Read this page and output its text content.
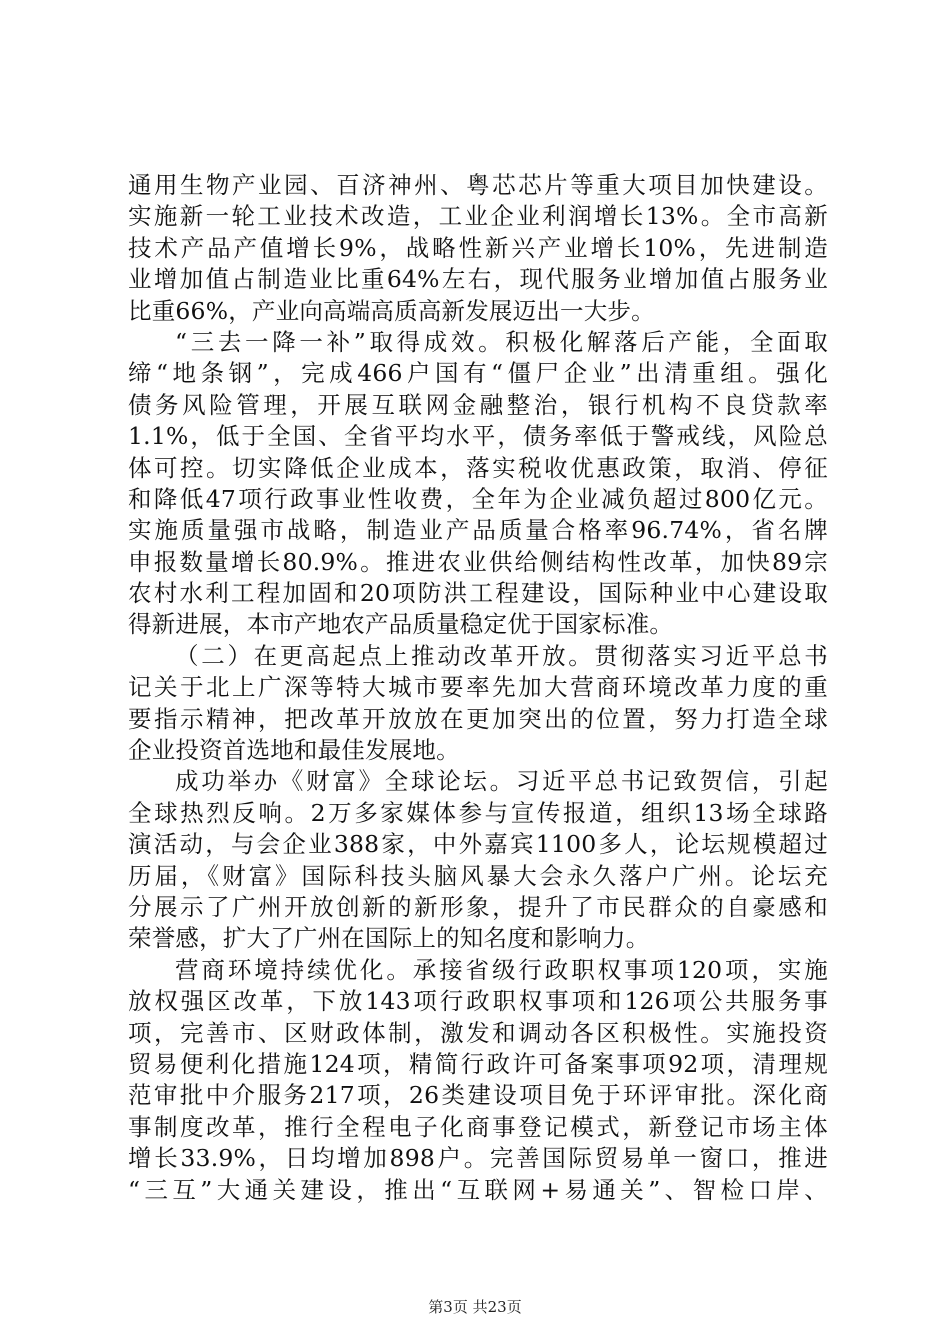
通用生物产业园、百济神州、粤芯芯片等重大项目加快建设。
实施新一轮工业技术改造，工业企业利润增长13%。全市高新
技术产品产值增长9%，战略性新兴产业增长10%，先进制造
业增加值占制造业比重64%左右，现代服务业增加值占服务业
比重66%，产业向高端高质高新发展迈出一大步。
“三去一降一补”取得成效。积极化解落后产能，全面取
缔“地条钢”，完成466户国有“僵尸企业”出清重组。强化
债务风险管理，开展互联网金融整治，银行机构不良贷款率
1.1%，低于全国、全省平均水平，债务率低于警戒线，风险总
体可控。切实降低企业成本，落实税收优惠政策，取消、停征
和降低47项行政事业性收费，全年为企业减负超过800亿元。
实施质量强市战略，制造业产品质量合格率96.74%，省名牌
申报数量增长80.9%。推进农业供给侧结构性改革，加快89宗
农村水利工程加固和20项防洪工程建设，国际种业中心建设取
得新进展，本市产地农产品质量稳定优于国家标准。
（二）在更高起点上推动改革开放。贯彻落实习近平总书
记关于北上广深等特大城市要率先加大营商环境改革力度的重
要指示精神，把改革开放放在更加突出的位置，努力打造全球
企业投资首选地和最佳发展地。
成功举办《财富》全球论坛。习近平总书记致贺信，引起
全球热烈反响。2万多家媒体参与宣传报道，组织13场全球路
演活动，与会企业388家，中外嘉宾1100多人，论坛规模超过
历届，《财富》国际科技头脑风暴大会永久落户广州。论坛充
分展示了广州开放创新的新形象，提升了市民群众的自豪感和
荣誉感，扩大了广州在国际上的知名度和影响力。
营商环境持续优化。承接省级行政职权事项120项，实施
放权强区改革，下放143项行政职权事项和126项公共服务事
项，完善市、区财政体制，激发和调动各区积极性。实施投资
贸易便利化措施124项，精简行政许可备案事项92项，清理规
范审批中介服务217项，26类建设项目免于环评审批。深化商
事制度改革，推行全程电子化商事登记模式，新登记市场主体
增长33.9%，日均增加898户。完善国际贸易单一窗口，推进
“三互”大通关建设，推出“互联网+易通关”、智检口岸、
第3页 共23页
